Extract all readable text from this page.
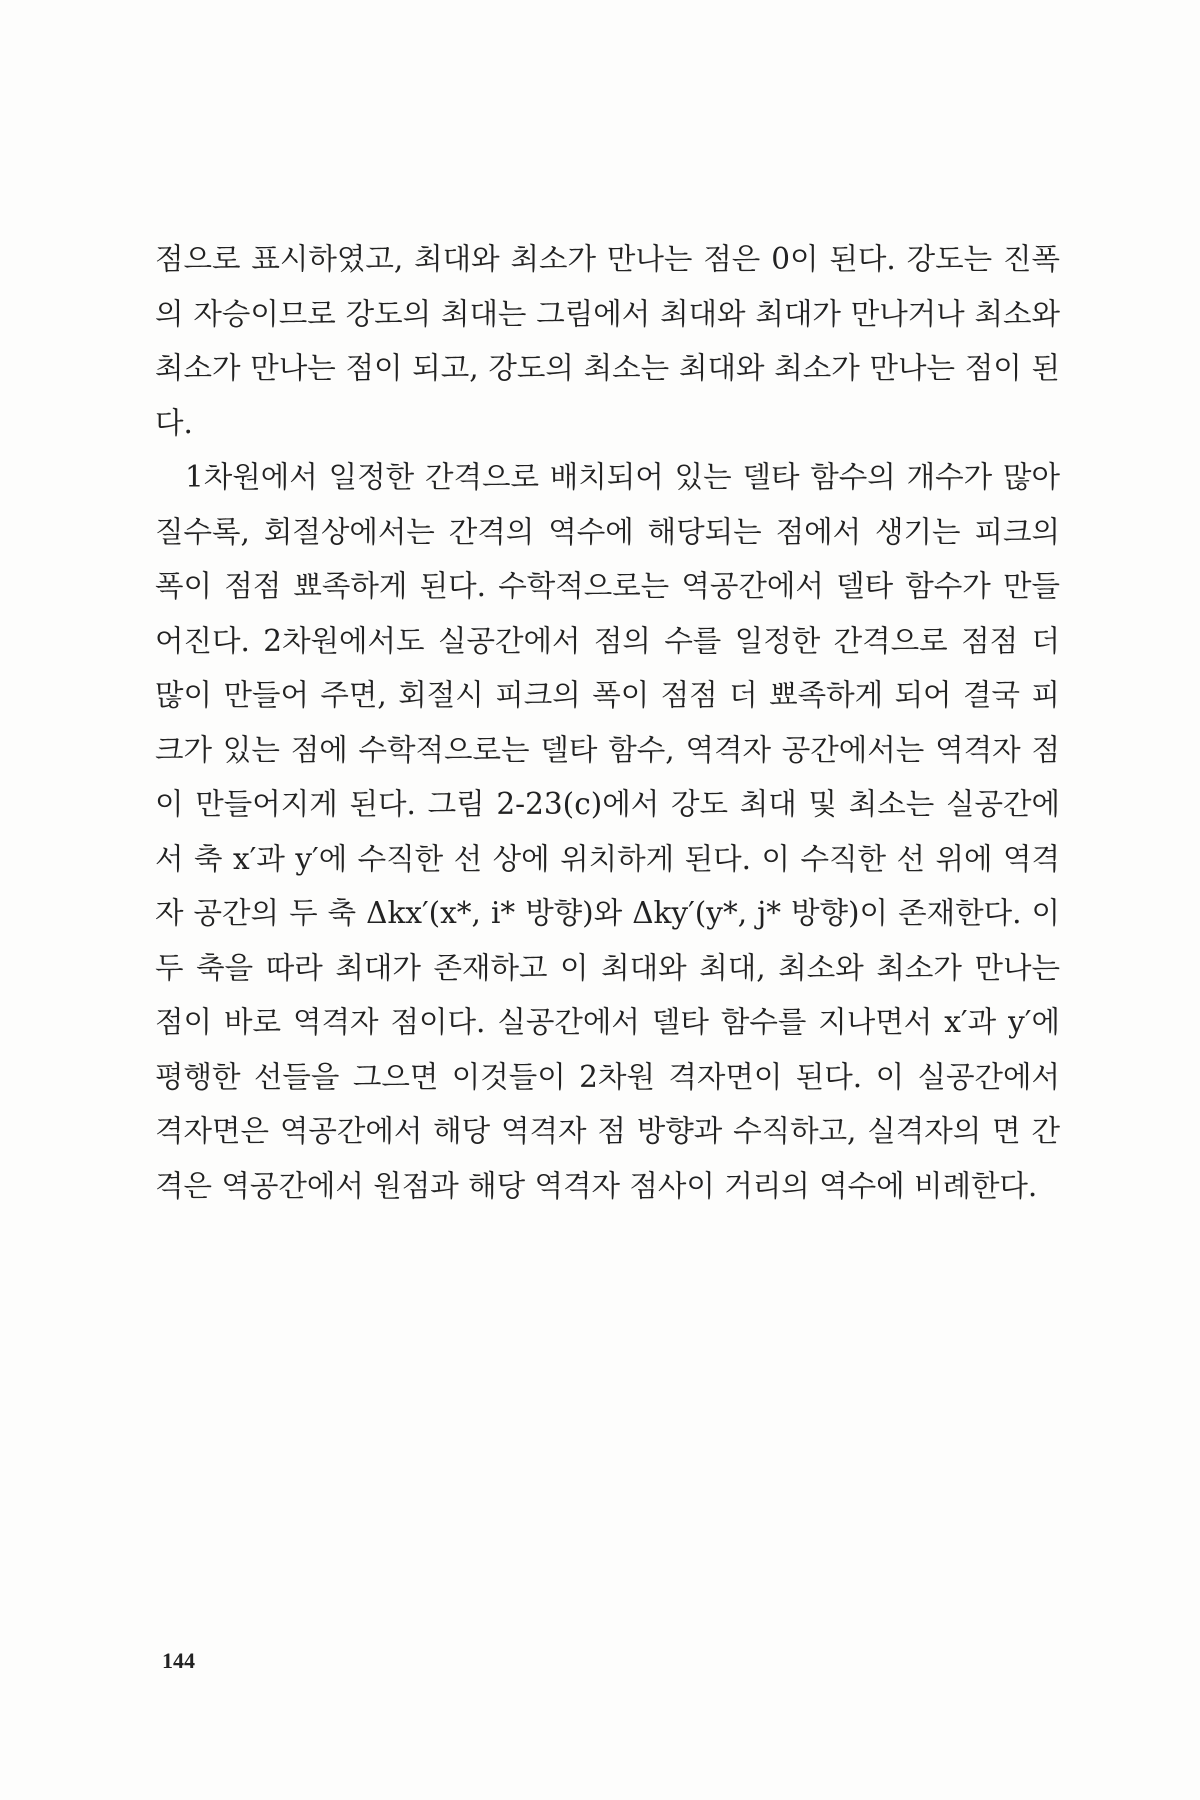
점으로 표시하였고, 최대와 최소가 만나는 점은 0이 된다. 강도는 진폭의 자승이므로 강도의 최대는 그림에서 최대와 최대가 만나거나 최소와 최소가 만나는 점이 되고, 강도의 최소는 최대와 최소가 만나는 점이 된다.

1차원에서 일정한 간격으로 배치되어 있는 델타 함수의 개수가 많아질수록, 회절상에서는 간격의 역수에 해당되는 점에서 생기는 피크의 폭이 점점 뾰족하게 된다. 수학적으로는 역공간에서 델타 함수가 만들어진다. 2차원에서도 실공간에서 점의 수를 일정한 간격으로 점점 더 많이 만들어 주면, 회절시 피크의 폭이 점점 더 뾰족하게 되어 결국 피크가 있는 점에 수학적으로는 델타 함수, 역격자 공간에서는 역격자 점이 만들어지게 된다. 그림 2-23(c)에서 강도 최대 및 최소는 실공간에서 축 x′과 y′에 수직한 선 상에 위치하게 된다. 이 수직한 선 위에 역격자 공간의 두 축 Δkx′(x*, i* 방향)와 Δky′(y*, j* 방향)이 존재한다. 이 두 축을 따라 최대가 존재하고 이 최대와 최대, 최소와 최소가 만나는 점이 바로 역격자 점이다. 실공간에서 델타 함수를 지나면서 x′과 y′에 평행한 선들을 그으면 이것들이 2차원 격자면이 된다. 이 실공간에서 격자면은 역공간에서 해당 역격자 점 방향과 수직하고, 실격자의 면 간격은 역공간에서 원점과 해당 역격자 점사이 거리의 역수에 비례한다.

144
